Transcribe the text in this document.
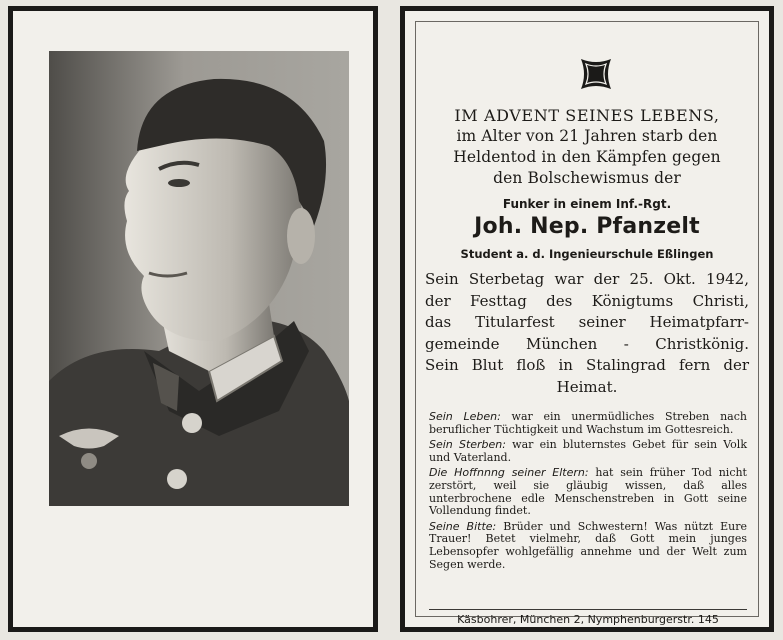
IM ADVENT SEINES LEBENS,
im Alter von 21 Jahren starb den
Heldentod in den Kämpfen gegen
den Bolschewismus der
Funker in einem Inf.-Rgt.
Joh. Nep. Pfanzelt
Student a. d. Ingenieurschule Eßlingen
Sein Sterbetag war der 25. Okt. 1942,
der Festtag des Königtums Christi,
das Titularfest seiner Heimatpfarr-
gemeinde München - Christkönig.
Sein Blut floß in Stalingrad fern der
Heimat.

Sein Leben: war ein unermüdliches Streben nach beruflicher Tüchtigkeit und Wachstum im Gottesreich.

Sein Sterben: war ein bluternstes Gebet für sein Volk und Vaterland.

Die Hoffnnng seiner Eltern: hat sein früher Tod nicht zerstört, weil sie gläubig wissen, daß alles unterbrochene edle Menschenstreben in Gott seine Vollendung findet.

Seine Bitte: Brüder und Schwestern! Was nützt Eure Trauer! Betet vielmehr, daß Gott mein junges Lebensopfer wohlgefällig annehme und der Welt zum Segen werde.

Käsbohrer, München 2, Nymphenburgerstr. 145
